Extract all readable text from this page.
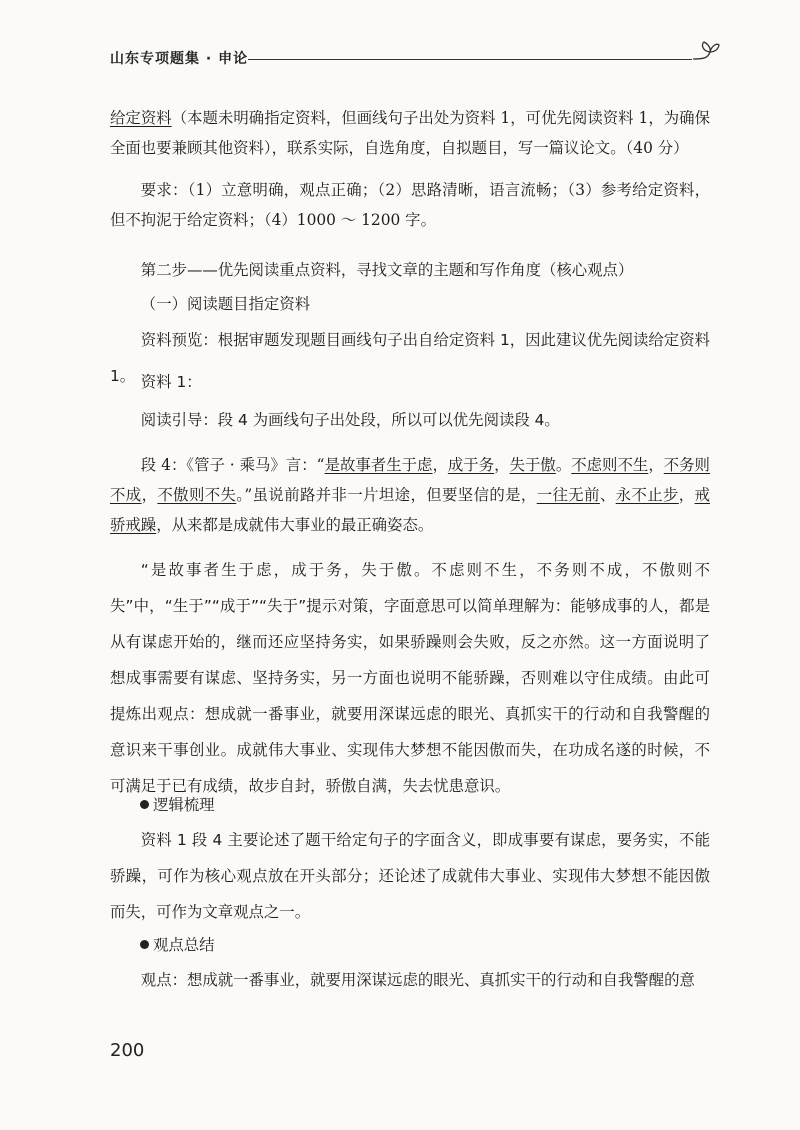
山东专项题集 · 申论

给定资料（本题未明确指定资料，但画线句子出处为资料 1，可优先阅读资料 1，为确保全面也要兼顾其他资料），联系实际，自选角度，自拟题目，写一篇议论文。（40 分）

要求：（1）立意明确，观点正确；（2）思路清晰，语言流畅；（3）参考给定资料，但不拘泥于给定资料；（4）1000 ～ 1200 字。

第二步——优先阅读重点资料，寻找文章的主题和写作角度（核心观点）

（一）阅读题目指定资料

资料预览：根据审题发现题目画线句子出自给定资料 1，因此建议优先阅读给定资料 1。 资料 1：

阅读引导：段 4 为画线句子出处段，所以可以优先阅读段 4。

段 4：《管子 · 乘马》言：“是故事者生于虑，成于务，失于傲。不虑则不生，不务则不成，不傲则不失。”虽说前路并非一片坦途，但要坚信的是，一往无前、永不止步，戒骄戒躁，从来都是成就伟大事业的最正确姿态。

“是故事者生于虑，成于务，失于傲。不虑则不生，不务则不成，不傲则不失”中，“生于”“成于”“失于”提示对策，字面意思可以简单理解为：能够成事的人，都是从有谋虑开始的，继而还应坚持务实，如果骄躁则会失败，反之亦然。这一方面说明了想成事需要有谋虑、坚持务实，另一方面也说明不能骄躁，否则难以守住成绩。由此可提炼出观点：想成就一番事业，就要用深谋远虑的眼光、真抓实干的行动和自我警醒的意识来干事创业。成就伟大事业、实现伟大梦想不能因傲而失，在功成名遂的时候，不可满足于已有成绩，故步自封，骄傲自满，失去忧患意识。

逻辑梳理

资料 1 段 4 主要论述了题干给定句子的字面含义，即成事要有谋虑，要务实，不能骄躁，可作为核心观点放在开头部分；还论述了成就伟大事业、实现伟大梦想不能因傲而失，可作为文章观点之一。

观点总结

观点：想成就一番事业，就要用深谋远虑的眼光、真抓实干的行动和自我警醒的意

200
